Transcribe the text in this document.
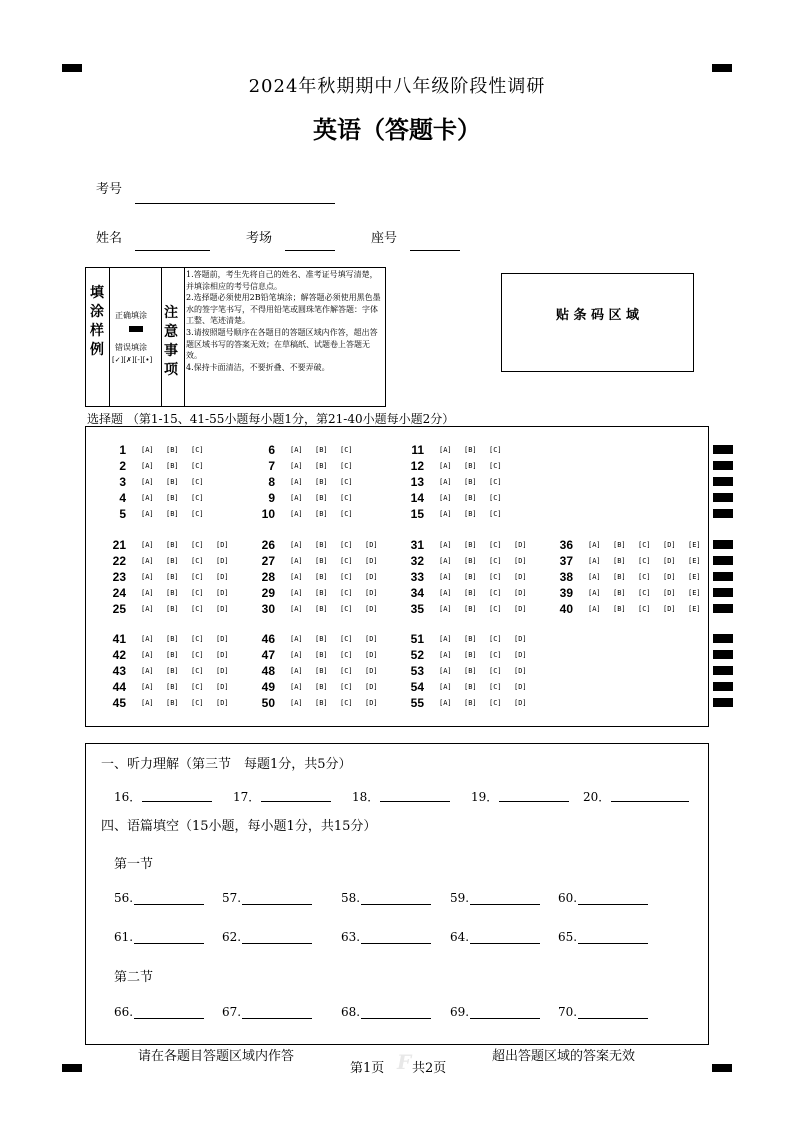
2024年秋期期中八年级阶段性调研
英语（答题卡）
考号
姓名	考场	座号
填涂样例
正确填涂
错误填涂
[✓][✗][-][•]
注意事项
1.答题前，考生先将自己的姓名、准考证号填写清楚，并填涂相应的考号信息点。
2.选择题必须使用2B铅笔填涂；解答题必须使用黑色墨水的签字笔书写，不得用铅笔或圆珠笔作解答题：字体工整、笔迹清楚。
3.请按照题号顺序在各题目的答题区域内作答，超出答题区域书写的答案无效；在草稿纸、试题卷上答题无效。
4.保持卡面清洁，不要折叠、不要弄破。
贴 条 码 区 域
选择题 （第1-15、41-55小题每小题1分，第21-40小题每小题2分）
一、听力理解（第三节　每题1分，共5分）
16．	17．	18．	19．	20．
四、语篇填空（15小题，每小题1分，共15分）
第一节
第二节
56.	57.	58.	59.	60.
61.	62.	63.	64.	65.
66.	67.	68.	69.	70.
请在各题目答题区域内作答
第1页 F 共2页
超出答题区域的答案无效
1 [A] [B] [C]
2 [A] [B] [C]
3 [A] [B] [C]
4 [A] [B] [C]
5 [A] [B] [C]
6 [A] [B] [C]
7 [A] [B] [C]
8 [A] [B] [C]
9 [A] [B] [C]
10 [A] [B] [C]
11 [A] [B] [C]
12 [A] [B] [C]
13 [A] [B] [C]
14 [A] [B] [C]
15 [A] [B] [C]
21 [A] [B] [C] [D]
22 [A] [B] [C] [D]
23 [A] [B] [C] [D]
24 [A] [B] [C] [D]
25 [A] [B] [C] [D]
26 [A] [B] [C] [D]
27 [A] [B] [C] [D]
28 [A] [B] [C] [D]
29 [A] [B] [C] [D]
30 [A] [B] [C] [D]
31 [A] [B] [C] [D]
32 [A] [B] [C] [D]
33 [A] [B] [C] [D]
34 [A] [B] [C] [D]
35 [A] [B] [C] [D]
36 [A] [B] [C] [D] [E]
37 [A] [B] [C] [D] [E]
38 [A] [B] [C] [D] [E]
39 [A] [B] [C] [D] [E]
40 [A] [B] [C] [D] [E]
41 [A] [B] [C] [D]
42 [A] [B] [C] [D]
43 [A] [B] [C] [D]
44 [A] [B] [C] [D]
45 [A] [B] [C] [D]
46 [A] [B] [C] [D]
47 [A] [B] [C] [D]
48 [A] [B] [C] [D]
49 [A] [B] [C] [D]
50 [A] [B] [C] [D]
51 [A] [B] [C] [D]
52 [A] [B] [C] [D]
53 [A] [B] [C] [D]
54 [A] [B] [C] [D]
55 [A] [B] [C] [D]
